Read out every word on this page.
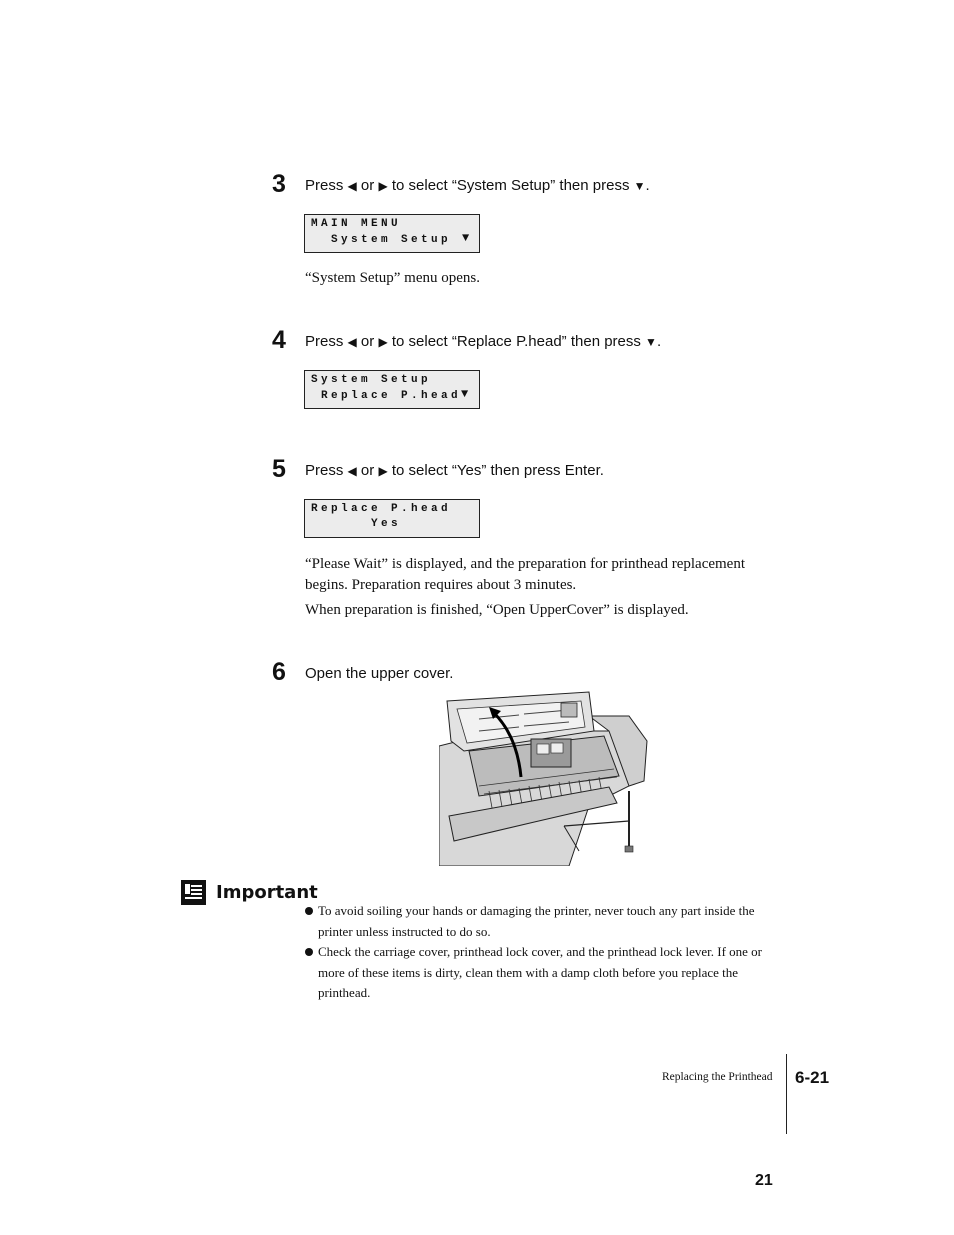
3 Press ◀ or ▶ to select “System Setup” then press ▼.

MAIN MENU

System Setup

▼

“System Setup” menu opens.
4 Press ◀ or ▶ to select “Replace P.head” then press ▼.

System Setup

Replace P.head

▼

5 Press ◀ or ▶ to select “Yes” then press Enter.

Replace P.head

Yes

“Please Wait” is displayed, and the preparation for printhead replacement begins. Preparation requires about 3 minutes.
When preparation is finished, “Open UpperCover” is displayed.
6 Open the upper cover.
Important
To avoid soiling your hands or damaging the printer, never touch any part inside the printer unless instructed to do so.
Check the carriage cover, printhead lock cover, and the printhead lock lever. If one or more of these items is dirty, clean them with a damp cloth before you replace the printhead.
Replacing the Printhead 6-21
21
